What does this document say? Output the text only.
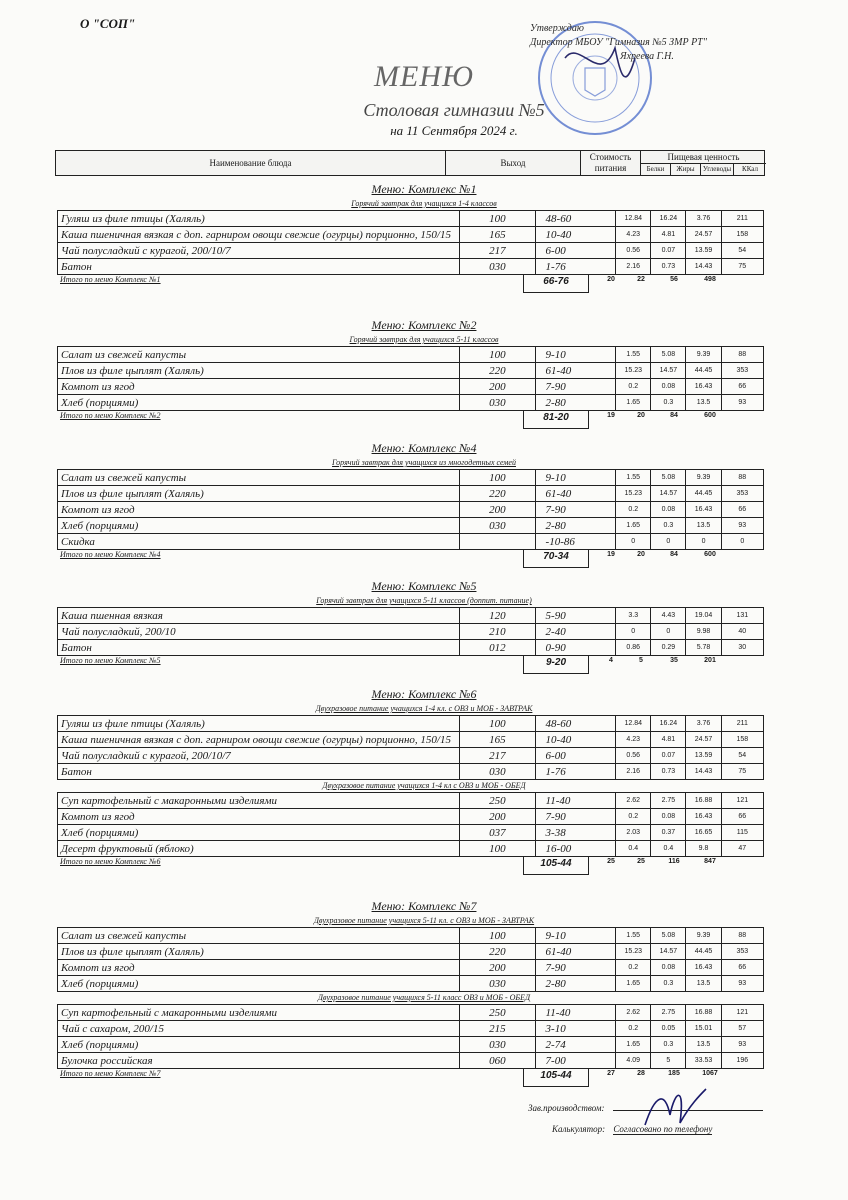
О "СОП"	Утверждаю
Директор МБОУ "Гимназия №5 ЗМР РТ"
Яхреева Г.Н.
МЕНЮ
Столовая гимназии №5
на 11 Сентября 2024 г.
Наименование блюда	Выход
Стоимость питания
Пищевая ценность
Белки	Жиры	Углеводы	ККал
Меню: Комплекс №1
Горячий завтрак для учащихся 1-4 классов
Гуляш из филе птицы (Халяль)	100	48-60	12.84	16.24	3.76	211
Каша пшеничная вязкая с доп. гарниром овощи свежие (огурцы) порционно, 150/15	165	10-40	4.23	4.81	24.57	158
Чай полусладкий с курагой, 200/10/7	217	6-00	0.56	0.07	13.59	54
Батон	030	1-76	2.16	0.73	14.43	75
Итого по меню Комплекс №1	66-76	20	22	56	498
Меню: Комплекс №2
Горячий завтрак для учащихся 5-11 классов
Салат из свежей капусты	100	9-10	1.55	5.08	9.39	88
Плов из филе цыплят (Халяль)	220	61-40	15.23	14.57	44.45	353
Компот из ягод	200	7-90	0.2	0.08	16.43	66
Хлеб (порциями)	030	2-80	1.65	0.3	13.5	93
Итого по меню Комплекс №2	81-20	19	20	84	600
Меню: Комплекс №4
Горячий завтрак для учащихся из многодетных семей
Салат из свежей капусты	100	9-10	1.55	5.08	9.39	88
Плов из филе цыплят (Халяль)	220	61-40	15.23	14.57	44.45	353
Компот из ягод	200	7-90	0.2	0.08	16.43	66
Хлеб (порциями)	030	2-80	1.65	0.3	13.5	93
Скидка		-10-86	0	0	0	0
Итого по меню Комплекс №4	70-34	19	20	84	600
Меню: Комплекс №5
Горячий завтрак для учащихся 5-11 классов (доппит. питание)
Каша пшенная вязкая	120	5-90	3.3	4.43	19.04	131
Чай полусладкий, 200/10	210	2-40	0	0	9.98	40
Батон	012	0-90	0.86	0.29	5.78	30
Итого по меню Комплекс №5	9-20	4	5	35	201
Меню: Комплекс №6
Двухразовое питание учащихся 1-4 кл. с ОВЗ и МОБ - ЗАВТРАК
Гуляш из филе птицы (Халяль)	100	48-60	12.84	16.24	3.76	211
Каша пшеничная вязкая с доп. гарниром овощи свежие (огурцы) порционно, 150/15	165	10-40	4.23	4.81	24.57	158
Чай полусладкий с курагой, 200/10/7	217	6-00	0.56	0.07	13.59	54
Батон	030	1-76	2.16	0.73	14.43	75
Двухразовое питание учащихся 1-4 кл с ОВЗ и МОБ - ОБЕД
Суп картофельный с макаронными изделиями	250	11-40	2.62	2.75	16.88	121
Компот из ягод	200	7-90	0.2	0.08	16.43	66
Хлеб (порциями)	037	3-38	2.03	0.37	16.65	115
Десерт фруктовый (яблоко)	100	16-00	0.4	0.4	9.8	47
Итого по меню Комплекс №6	105-44	25	25	116	847
Меню: Комплекс №7
Двухразовое питание учащихся 5-11 кл. с ОВЗ и МОБ - ЗАВТРАК
Салат из свежей капусты	100	9-10	1.55	5.08	9.39	88
Плов из филе цыплят (Халяль)	220	61-40	15.23	14.57	44.45	353
Компот из ягод	200	7-90	0.2	0.08	16.43	66
Хлеб (порциями)	030	2-80	1.65	0.3	13.5	93
Двухразовое питание учащихся 5-11 класс ОВЗ и МОБ - ОБЕД
Суп картофельный с макаронными изделиями	250	11-40	2.62	2.75	16.88	121
Чай с сахаром, 200/15	215	3-10	0.2	0.05	15.01	57
Хлеб (порциями)	030	2-74	1.65	0.3	13.5	93
Булочка российская	060	7-00	4.09	5	33.53	196
Итого по меню Комплекс №7	105-44	27	28	185	1067
Зав.производством:
Калькулятор: Согласовано по телефону
